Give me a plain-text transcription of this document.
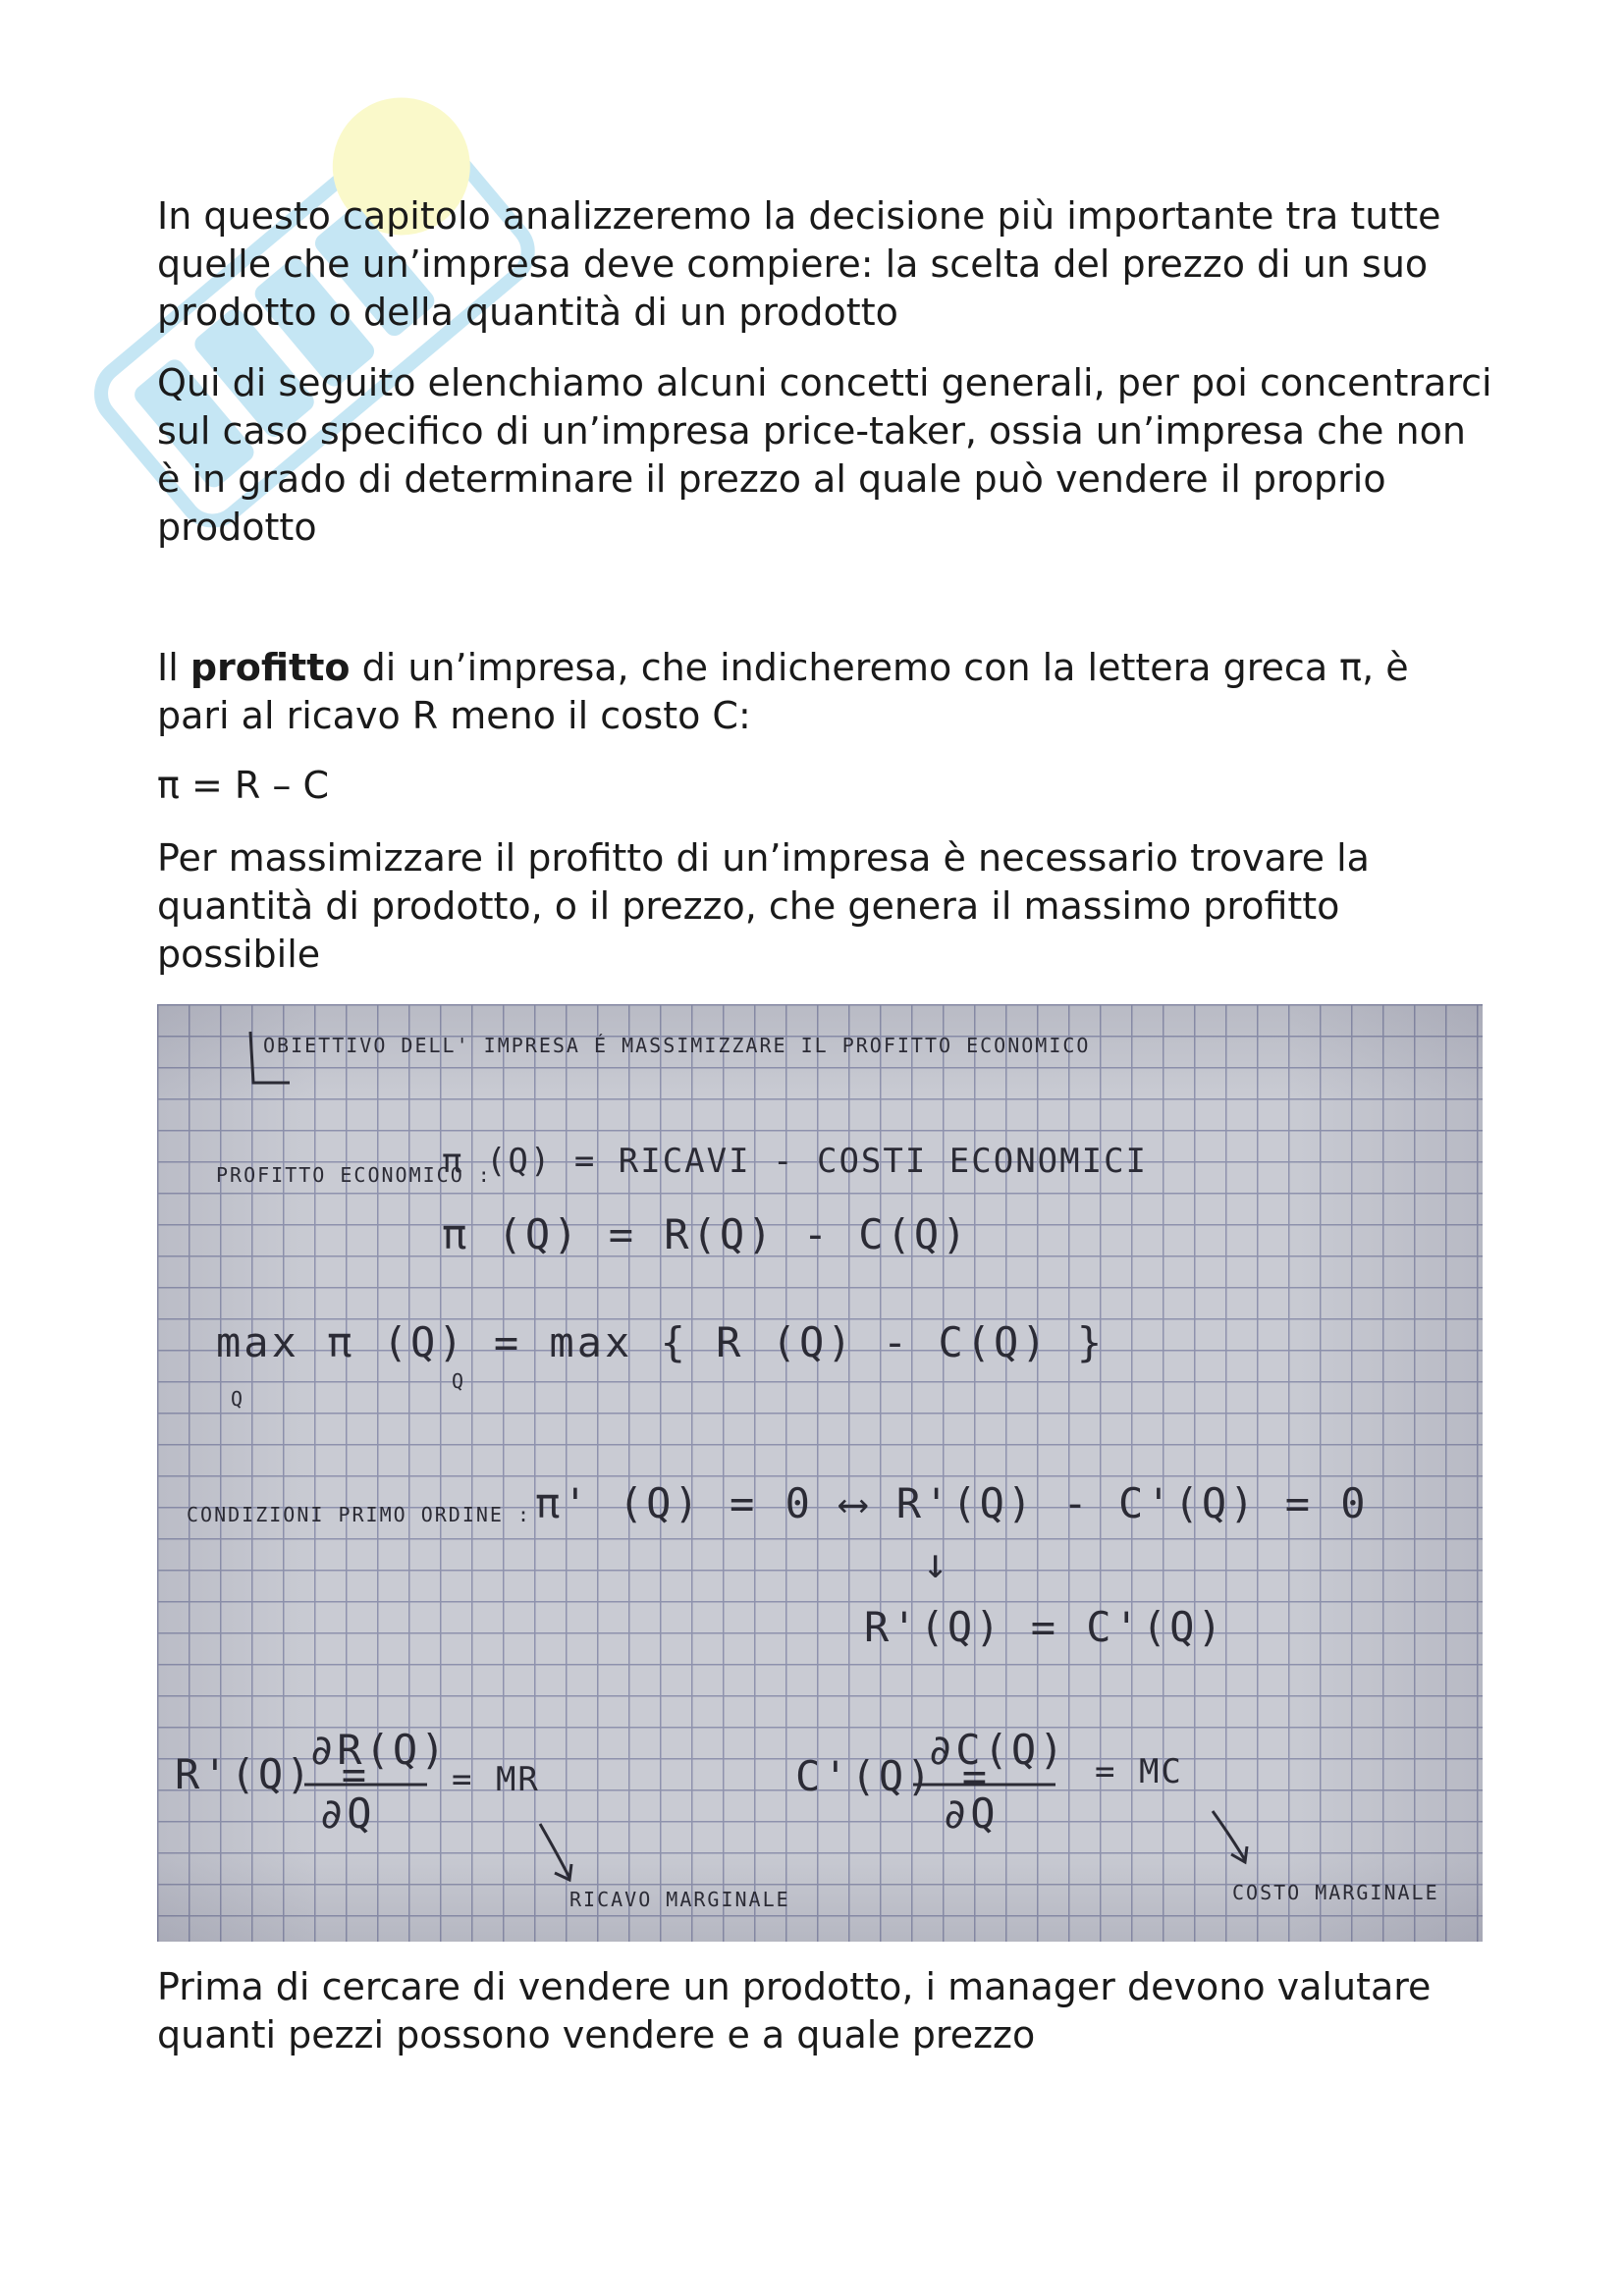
In questo capitolo analizzeremo la decisione più importante tra tutte quelle che un’impresa deve compiere: la scelta del prezzo di un suo prodotto o della quantità di un prodotto

Qui di seguito elenchiamo alcuni concetti generali, per poi concentrarci sul caso specifico di un’impresa price-taker, ossia un’impresa che non è in grado di determinare il prezzo al quale può vendere il proprio prodotto

Il profitto di un’impresa, che indicheremo con la lettera greca π, è pari al ricavo R meno il costo C:

π = R – C

Per massimizzare il profitto di un’impresa è necessario trovare la quantità di prodotto, o il prezzo, che genera il massimo profitto possibile

OBIETTIVO DELL' IMPRESA É MASSIMIZZARE IL PROFITTO ECONOMICO

PROFITTO ECONOMICO :

π (Q) = RICAVI - COSTI ECONOMICI

π (Q) = R(Q) - C(Q)

max π (Q) = max { R (Q) - C(Q) }

Q

Q

CONDIZIONI PRIMO ORDINE : π' (Q) = 0 ⟷ R'(Q) - C'(Q) = 0

↓

R'(Q) = C'(Q)

R'(Q) =

∂R(Q)

∂Q

= MR	C'(Q) =

∂C(Q)

∂Q

= MC

RICAVO MARGINALE	COSTO MARGINALE

Prima di cercare di vendere un prodotto, i manager devono valutare quanti pezzi possono vendere e a quale prezzo
